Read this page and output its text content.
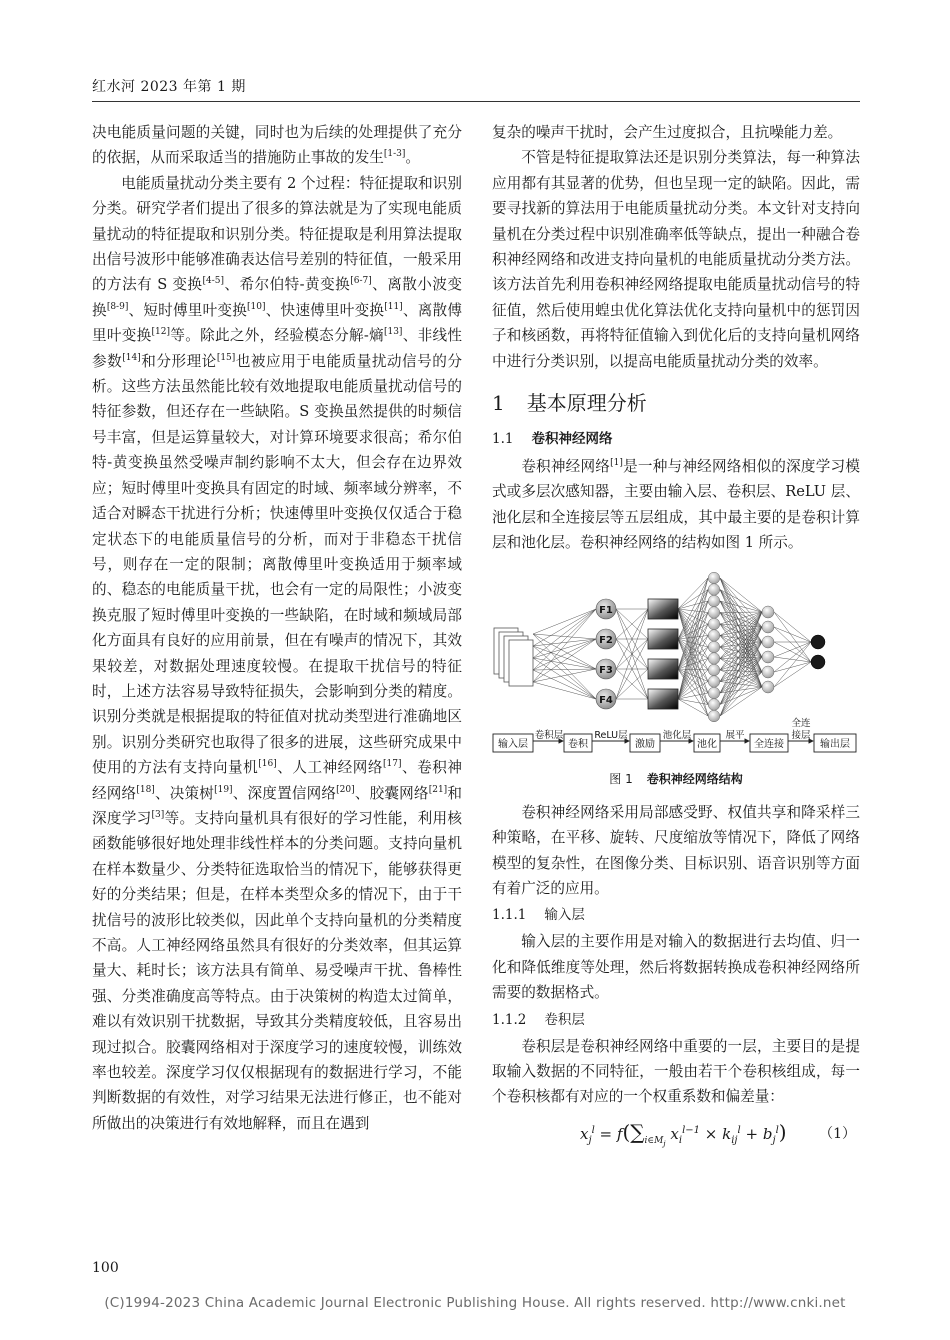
红水河 2023 年第 1 期

决电能质量问题的关键，同时也为后续的处理提供了充分的依据，从而采取适当的措施防止事故的发生[1-3]。

电能质量扰动分类主要有 2 个过程：特征提取和识别分类。研究学者们提出了很多的算法就是为了实现电能质量扰动的特征提取和识别分类。特征提取是利用算法提取出信号波形中能够准确表达信号差别的特征值，一般采用的方法有 S 变换[4-5]、希尔伯特-黄变换[6-7]、离散小波变换[8-9]、短时傅里叶变换[10]、快速傅里叶变换[11]、离散傅里叶变换[12]等。除此之外，经验模态分解-熵[13]、非线性参数[14]和分形理论[15]也被应用于电能质量扰动信号的分析。这些方法虽然能比较有效地提取电能质量扰动信号的特征参数，但还存在一些缺陷。S 变换虽然提供的时频信号丰富，但是运算量较大，对计算环境要求很高；希尔伯特-黄变换虽然受噪声制约影响不太大，但会存在边界效应；短时傅里叶变换具有固定的时域、频率域分辨率，不适合对瞬态干扰进行分析；快速傅里叶变换仅仅适合于稳定状态下的电能质量信号的分析，而对于非稳态干扰信号，则存在一定的限制；离散傅里叶变换适用于频率域的、稳态的电能质量干扰，也会有一定的局限性；小波变换克服了短时傅里叶变换的一些缺陷，在时域和频域局部化方面具有良好的应用前景，但在有噪声的情况下，其效果较差，对数据处理速度较慢。在提取干扰信号的特征时，上述方法容易导致特征损失，会影响到分类的精度。识别分类就是根据提取的特征值对扰动类型进行准确地区别。识别分类研究也取得了很多的进展，这些研究成果中使用的方法有支持向量机[16]、人工神经网络[17]、卷积神经网络[18]、决策树[19]、深度置信网络[20]、胶囊网络[21]和深度学习[3]等。支持向量机具有很好的学习性能，利用核函数能够很好地处理非线性样本的分类问题。支持向量机在样本数量少、分类特征选取恰当的情况下，能够获得更好的分类结果；但是，在样本类型众多的情况下，由于干扰信号的波形比较类似，因此单个支持向量机的分类精度不高。人工神经网络虽然具有很好的分类效率，但其运算量大、耗时长；该方法具有简单、易受噪声干扰、鲁棒性强、分类准确度高等特点。由于决策树的构造太过简单，难以有效识别干扰数据，导致其分类精度较低，且容易出现过拟合。胶囊网络相对于深度学习的速度较慢，训练效率也较差。深度学习仅仅根据现有的数据进行学习，不能判断数据的有效性，对学习结果无法进行修正，也不能对所做出的决策进行有效地解释，而且在遇到

复杂的噪声干扰时，会产生过度拟合，且抗噪能力差。

不管是特征提取算法还是识别分类算法，每一种算法应用都有其显著的优势，但也呈现一定的缺陷。因此，需要寻找新的算法用于电能质量扰动分类。本文针对支持向量机在分类过程中识别准确率低等缺点，提出一种融合卷积神经网络和改进支持向量机的电能质量扰动分类方法。该方法首先利用卷积神经网络提取电能质量扰动信号的特征值，然后使用蝗虫优化算法优化支持向量机中的惩罚因子和核函数，再将特征值输入到优化后的支持向量机网络中进行分类识别，以提高电能质量扰动分类的效率。

1 基本原理分析
1.1 卷积神经网络

卷积神经网络[1]是一种与神经网络相似的深度学习模式或多层次感知器，主要由输入层、卷积层、ReLU 层、池化层和全连接层等五层组成，其中最主要的是卷积计算层和池化层。卷积神经网络的结构如图 1 所示。

F1
F2
F3
F4
输入层	卷积	激励	池化	全连接	输出层
卷积层	ReLU层	池化层	展平
全连
接层
图 1 卷积神经网络结构

卷积神经网络采用局部感受野、权值共享和降采样三种策略，在平移、旋转、尺度缩放等情况下，降低了网络模型的复杂性，在图像分类、目标识别、语音识别等方面有着广泛的应用。

1.1.1 输入层

输入层的主要作用是对输入的数据进行去均值、归一化和降低维度等处理，然后将数据转换成卷积神经网络所需要的数据格式。

1.1.2 卷积层

卷积层是卷积神经网络中重要的一层，主要目的是提取输入数据的不同特征，一般由若干个卷积核组成，每一个卷积核都有对应的一个权重系数和偏差量：

$x_j^l = f(\sum_{i\in M_j}$ $x_i^{l-1} \times k_{ij}^l + b_j^l$) （1）
100
(C)1994-2023 China Academic Journal Electronic Publishing House. All rights reserved. http://www.cnki.net
